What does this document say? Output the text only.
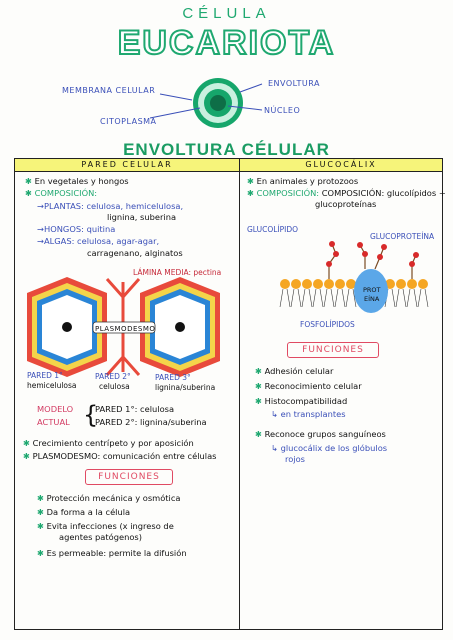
CÉLULA
EUCARIOTA
MEMBRANA CELULAR
ENVOLTURA
CITOPLASMA
NÚCLEO
ENVOLTURA CÉLULAR
PARED CELULAR	GLUCOCÁLIX
✱ En vegetales y hongos
✱ COMPOSICIÓN:
→PLANTAS: celulosa, hemicelulosa,
lignina, suberina
→HONGOS: quitina
→ALGAS: celulosa, agar-agar,
carragenano, alginatos
LÁMINA MEDIA: pectina
PLASMODESMO
PARED 1°
hemicelulosa
PARED 2°
celulosa
PARED 3°
lignina/suberina
MODELO
ACTUAL {
PARED 1°: celulosa
PARED 2°: lignina/suberina
✱ Crecimiento centrípeto y por aposición
✱ PLASMODESMO: comunicación entre células
FUNCIONES
✱ Protección mecánica y osmótica
✱ Da forma a la célula
✱ Evita infecciones (x ingreso de
agentes patógenos)
✱ Es permeable: permite la difusión
✱ En animales y protozoos
✱ COMPOSICIÓN: COMPOSICIÓN: glucolípidos +
glucoproteínas
GLUCOLÍPIDO
GLUCOPROTEÍNA
PROT
EÍNA
FOSFOLÍPIDOS
FUNCIONES
✱ Adhesión celular
✱ Reconocimiento celular
✱ Histocompatibilidad
↳ en transplantes
✱ Reconoce grupos sanguíneos
↳ glucocálix de los glóbulos
rojos
